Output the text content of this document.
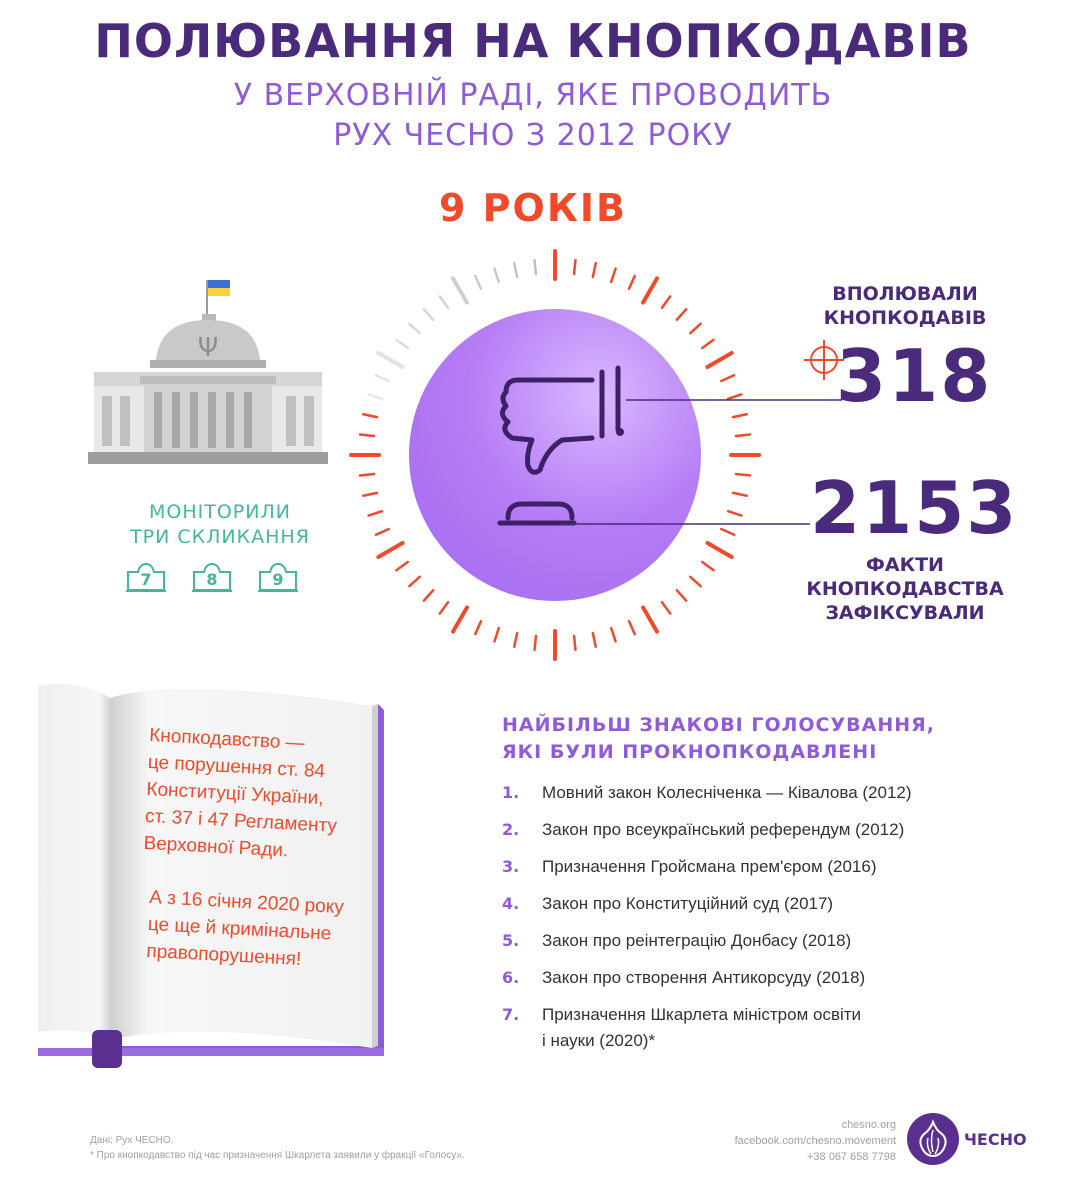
ПОЛЮВАННЯ НА КНОПКОДАВІВ
У ВЕРХОВНІЙ РАДІ, ЯКЕ ПРОВОДИТЬ
РУХ ЧЕСНО З 2012 РОКУ
9 РОКІВ
Ψ
МОНІТОРИЛИ
ТРИ СКЛИКАННЯ
7	8	9
ВПОЛЮВАЛИ
КНОПКОДАВІВ
318
2153
ФАКТИ
КНОПКОДАВСТВА
ЗАФІКСУВАЛИ
Кнопкодавство —
це порушення ст. 84
Конституції України,
ст. 37 і 47 Регламенту
Верховної Ради.
А з 16 січня 2020 року
це ще й кримінальне
правопорушення!
НАЙБІЛЬШ ЗНАКОВІ ГОЛОСУВАННЯ,
ЯКІ БУЛИ ПРОКНОПКОДАВЛЕНІ
1.	Мовний закон Колесніченка — Ківалова (2012)
2.	Закон про всеукраїнський референдум (2012)
3.	Призначення Гройсмана прем'єром (2016)
4.	Закон про Конституційний суд (2017)
5.	Закон про реінтеграцію Донбасу (2018)
6.	Закон про створення Антикорсуду (2018)
7.	Призначення Шкарлета міністром освіти
і науки (2020)*
Дані: Рух ЧЕСНО.
* Про кнопкодавство під час призначення Шкарлета заявили у фракції «Голосу».
chesno.org
facebook.com/chesno.movement
+38 067 658 7798
ЧЕСНО
